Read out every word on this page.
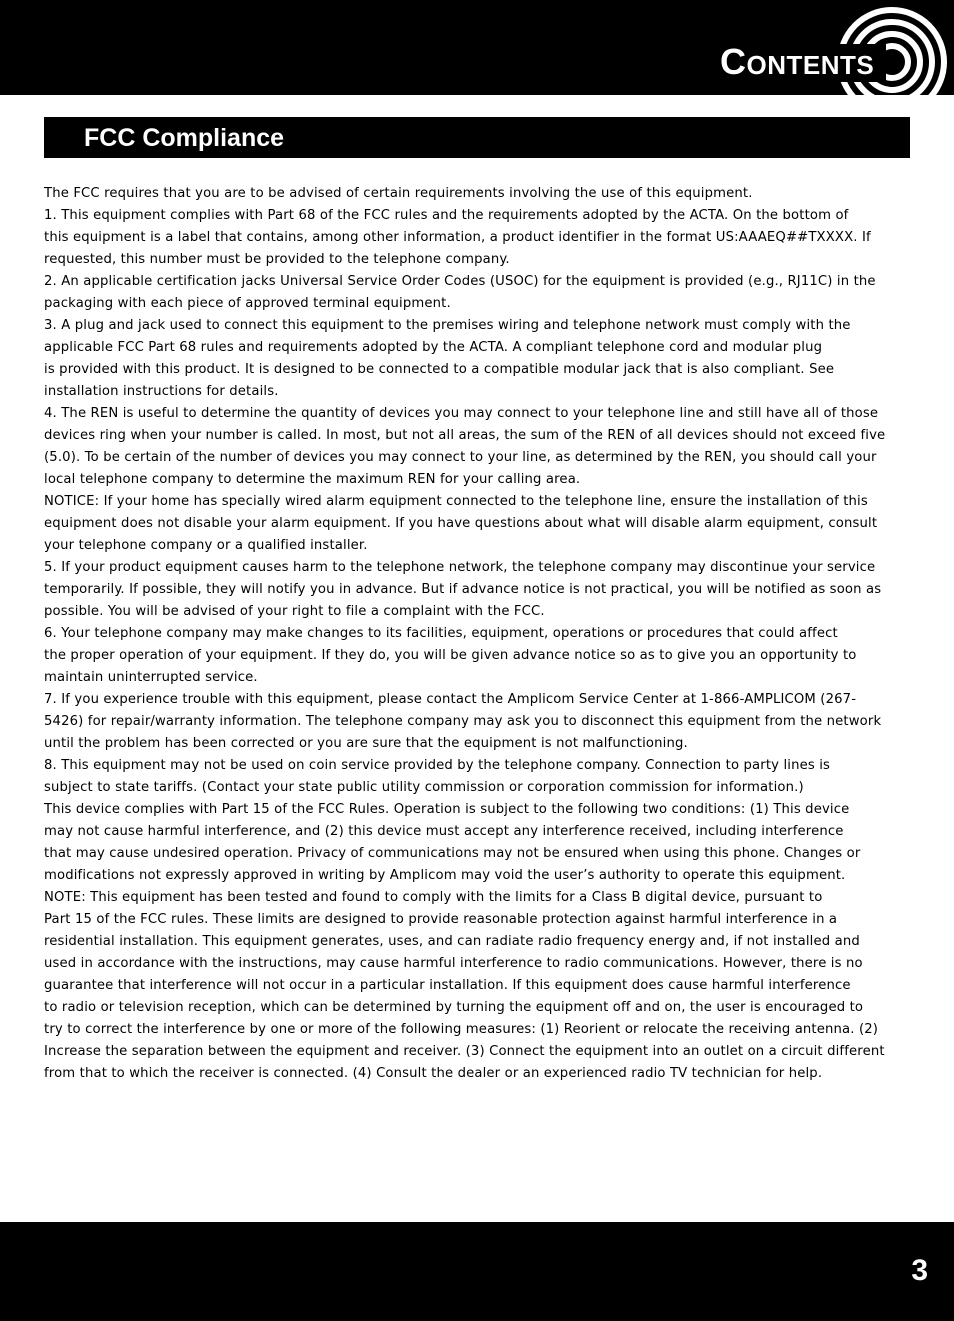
CONTENTS
FCC Compliance

The FCC requires that you are to be advised of certain requirements involving the use of this equipment.

1. This equipment complies with Part 68 of the FCC rules and the requirements adopted by the ACTA. On the bottom of

this equipment is a label that contains, among other information, a product identifier in the format US:AAAEQ##TXXXX. If

requested, this number must be provided to the telephone company.

2. An applicable certification jacks Universal Service Order Codes (USOC) for the equipment is provided (e.g., RJ11C) in the

packaging with each piece of approved terminal equipment.

3. A plug and jack used to connect this equipment to the premises wiring and telephone network must comply with the

applicable FCC Part 68 rules and requirements adopted by the ACTA. A compliant telephone cord and modular plug

is provided with this product. It is designed to be connected to a compatible modular jack that is also compliant. See

installation instructions for details.

4. The REN is useful to determine the quantity of devices you may connect to your telephone line and still have all of those

devices ring when your number is called. In most, but not all areas, the sum of the REN of all devices should not exceed five

(5.0). To be certain of the number of devices you may connect to your line, as determined by the REN, you should call your

local telephone company to determine the maximum REN for your calling area.

NOTICE: If your home has specially wired alarm equipment connected to the telephone line, ensure the installation of this

equipment does not disable your alarm equipment. If you have questions about what will disable alarm equipment, consult

your telephone company or a qualified installer.

5. If your product equipment causes harm to the telephone network, the telephone company may discontinue your service

temporarily. If possible, they will notify you in advance. But if advance notice is not practical, you will be notified as soon as

possible. You will be advised of your right to file a complaint with the FCC.

6. Your telephone company may make changes to its facilities, equipment, operations or procedures that could affect

the proper operation of your equipment. If they do, you will be given advance notice so as to give you an opportunity to

maintain uninterrupted service.

7. If you experience trouble with this equipment, please contact the Amplicom Service Center at 1-866-AMPLICOM (267-

5426) for repair/warranty information. The telephone company may ask you to disconnect this equipment from the network

until the problem has been corrected or you are sure that the equipment is not malfunctioning.

8. This equipment may not be used on coin service provided by the telephone company. Connection to party lines is

subject to state tariffs. (Contact your state public utility commission or corporation commission for information.)

This device complies with Part 15 of the FCC Rules. Operation is subject to the following two conditions: (1) This device

may not cause harmful interference, and (2) this device must accept any interference received, including interference

that may cause undesired operation. Privacy of communications may not be ensured when using this phone. Changes or

modifications not expressly approved in writing by Amplicom may void the user’s authority to operate this equipment.

NOTE: This equipment has been tested and found to comply with the limits for a Class B digital device, pursuant to

Part 15 of the FCC rules. These limits are designed to provide reasonable protection against harmful interference in a

residential installation. This equipment generates, uses, and can radiate radio frequency energy and, if not installed and

used in accordance with the instructions, may cause harmful interference to radio communications. However, there is no

guarantee that interference will not occur in a particular installation. If this equipment does cause harmful interference

to radio or television reception, which can be determined by turning the equipment off and on, the user is encouraged to

try to correct the interference by one or more of the following measures: (1) Reorient or relocate the receiving antenna. (2)

Increase the separation between the equipment and receiver. (3) Connect the equipment into an outlet on a circuit different

from that to which the receiver is connected. (4) Consult the dealer or an experienced radio TV technician for help.

3
